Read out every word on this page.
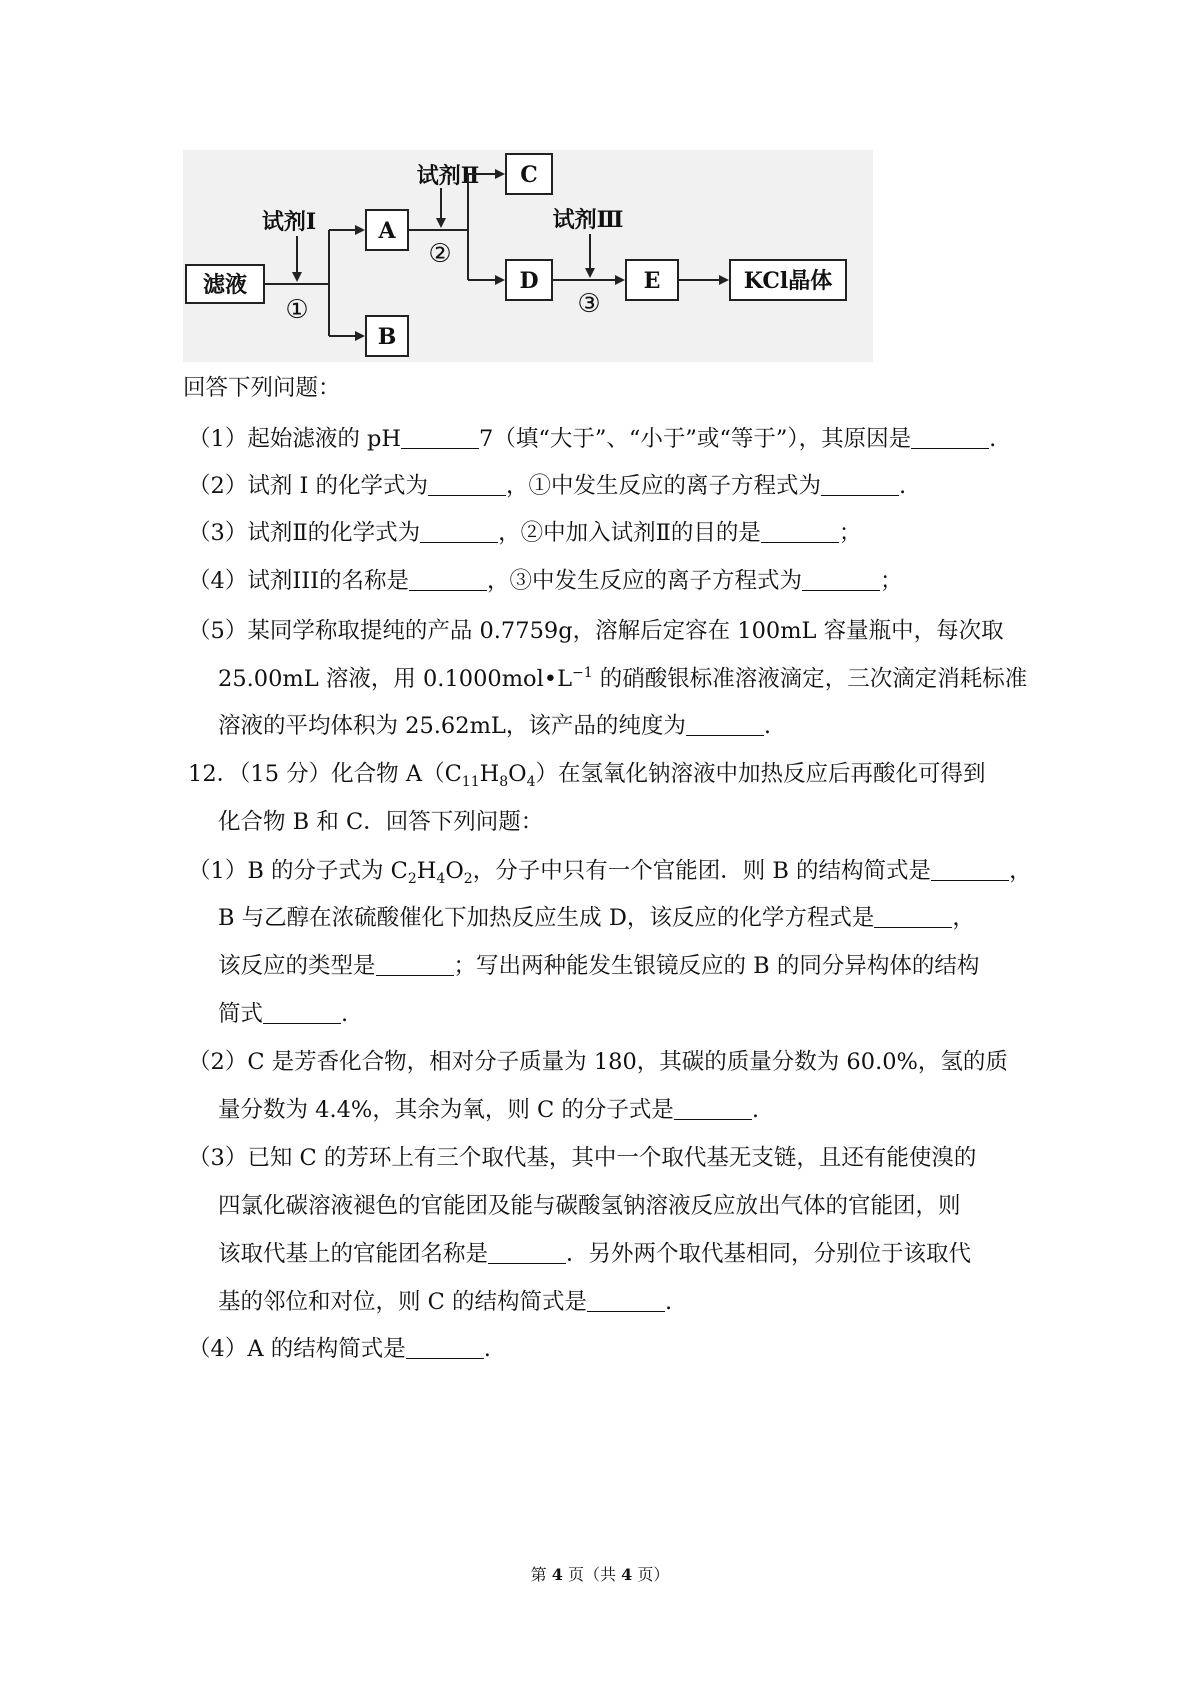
滤液
试剂Ⅰ
①
A
B
试剂Ⅱ
②
C
D
试剂Ⅲ
③
E	KCl晶体
回答下列问题：
（1）起始滤液的 pH	7（填“大于”、“小于”或“等于”），其原因是	.
（2）试剂 I 的化学式为	，①中发生反应的离子方程式为	.
（3）试剂Ⅱ的化学式为	，②中加入试剂Ⅱ的目的是	；
（4）试剂III的名称是	，③中发生反应的离子方程式为	；
（5）某同学称取提纯的产品 0.7759g，溶解后定容在 100mL 容量瓶中，每次取
25.00mL 溶液，用 $0.1000mol•L^{-1}$ 的硝酸银标准溶液滴定，三次滴定消耗标准
溶液的平均体积为 25.62mL，该产品的纯度为	.
12．（15 分）化合物 $A(C_{11}H_8O_4)$在氢氧化钠溶液中加热反应后再酸化可得到
化合物 B 和 C．回答下列问题：
（1）B 的分子式为 $C_2H_4O_2$，分子中只有一个官能团．则 B 的结构简式是	，
B 与乙醇在浓硫酸催化下加热反应生成 D，该反应的化学方程式是	，
该反应的类型是	；写出两种能发生银镜反应的 B 的同分异构体的结构
简式	.
（2）C 是芳香化合物，相对分子质量为 180，其碳的质量分数为 60.0%，氢的质
量分数为 4.4%，其余为氧，则 C 的分子式是	.
（3）已知 C 的芳环上有三个取代基，其中一个取代基无支链，且还有能使溴的
四氯化碳溶液褪色的官能团及能与碳酸氢钠溶液反应放出气体的官能团，则
该取代基上的官能团名称是	．另外两个取代基相同，分别位于该取代
基的邻位和对位，则 C 的结构简式是	.
（4）A 的结构简式是	.
第 4 页（共 4 页）
